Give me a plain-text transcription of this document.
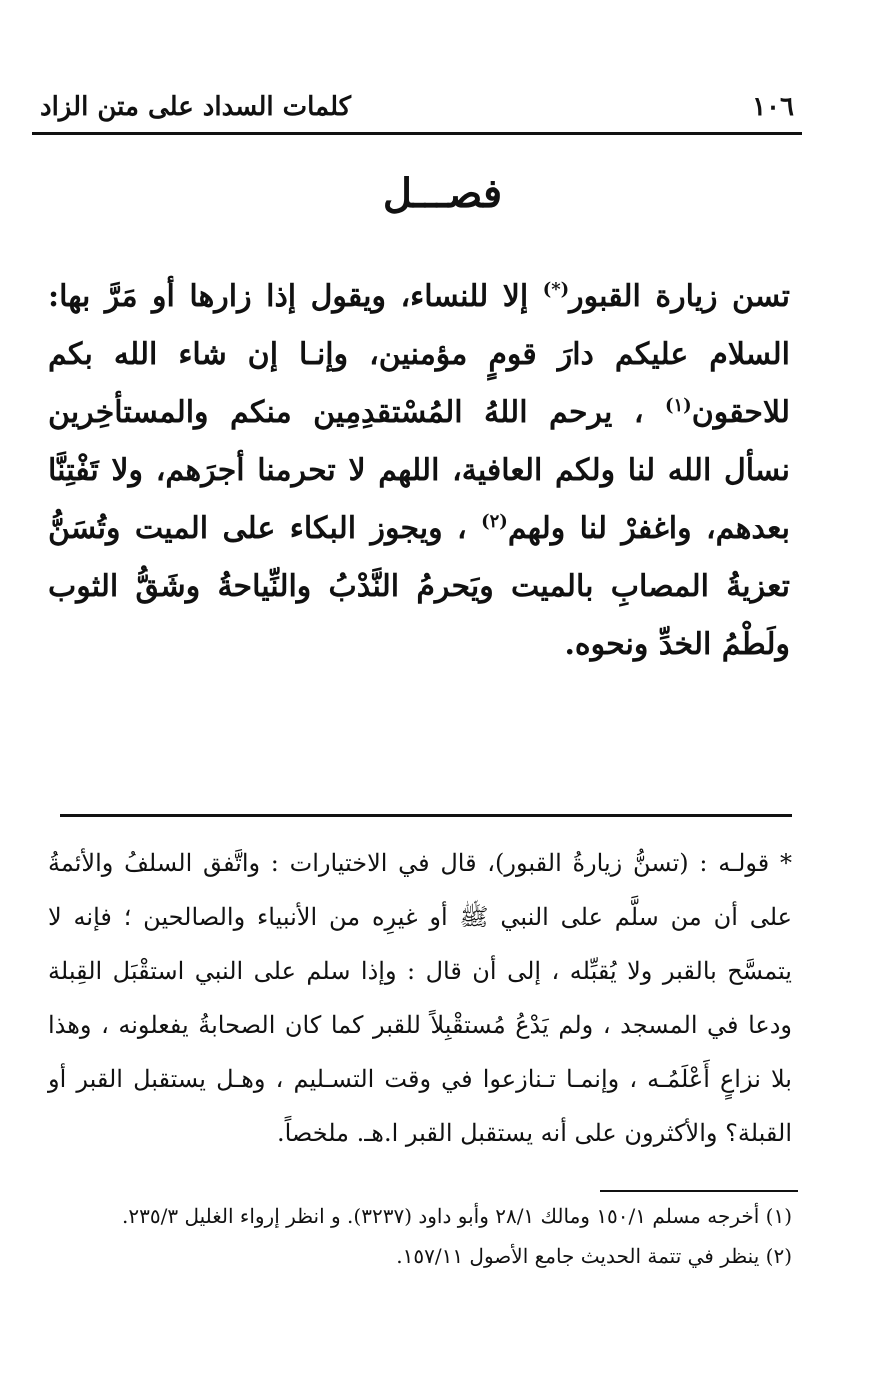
١٠٦
كلمات السداد على متن الزاد
فصـــل

تسن زيارة القبور(*) إلا للنساء، ويقول إذا زارها أو مَرَّ بها: السلام عليكم دارَ قومٍ مؤمنين، وإنـا إن شاء الله بكم للاحقون$^{(١)}$ ، يرحم اللهُ المُسْتقدِمِين منكم والمستأخِرين نسأل الله لنا ولكم العافية، اللهم لا تحرمنا أجرَهم، ولا تَفْتِنَّا بعدهم، واغفرْ لنا ولهم$^{(٢)}$ ، ويجوز البكاء على الميت وتُسَنُّ تعزيةُ المصابِ بالميت ويَحرمُ النَّدْبُ والنِّياحةُ وشَقُّ الثوب ولَطْمُ الخدِّ ونحوه.

* قولـه : (تسنُّ زيارةُ القبور)، قال في الاختيارات : واتَّفق السلفُ والأئمةُ على أن من سلَّم على النبي ﷺ أو غيرِه من الأنبياء والصالحين ؛ فإنه لا يتمسَّح بالقبر ولا يُقبِّله ، إلى أن قال : وإذا سلم على النبي استقْبَل القِبلة ودعا في المسجد ، ولم يَدْعُ مُستقْبِلاً للقبر كما كان الصحابةُ يفعلونه ، وهذا بلا نزاعٍ أَعْلَمُـه ، وإنمـا تـنازعوا في وقت التسـليم ، وهـل يستقبل القبر أو القبلة؟ والأكثرون على أنه يستقبل القبر ا.هـ. ملخصاً.

(١) أخرجه مسلم ١٥٠/١ ومالك ٢٨/١ وأبو داود (٣٢٣٧). و انظر إرواء الغليل ٢٣٥/٣.

(٢) ينظر في تتمة الحديث جامع الأصول ١٥٧/١١.
